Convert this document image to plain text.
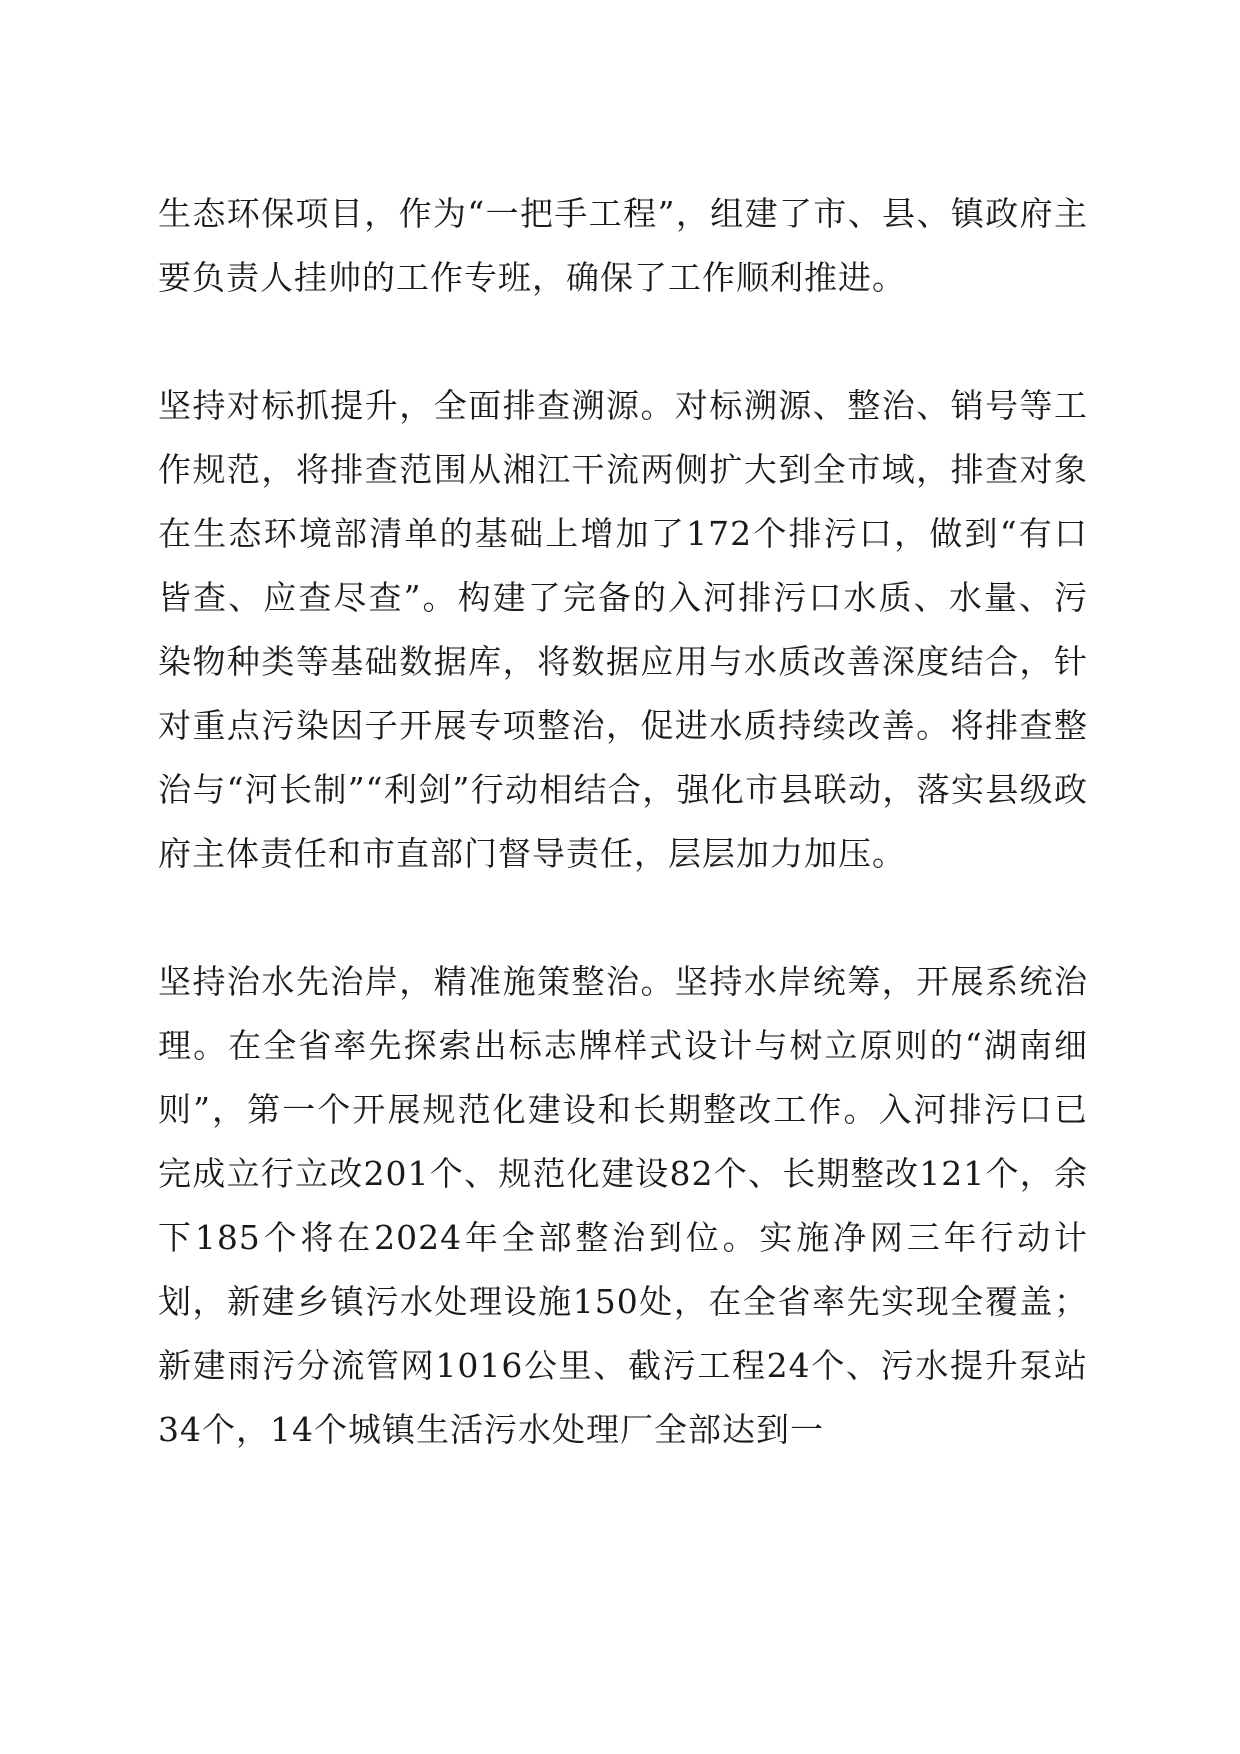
生态环保项目，作为“一把手工程”，组建了市、县、镇政府主要负责人挂帅的工作专班，确保了工作顺利推进。

坚持对标抓提升，全面排查溯源。对标溯源、整治、销号等工作规范，将排查范围从湘江干流两侧扩大到全市域，排查对象在生态环境部清单的基础上增加了172个排污口，做到“有口皆查、应查尽查”。构建了完备的入河排污口水质、水量、污染物种类等基础数据库，将数据应用与水质改善深度结合，针对重点污染因子开展专项整治，促进水质持续改善。将排查整治与“河长制”“利剑”行动相结合，强化市县联动，落实县级政府主体责任和市直部门督导责任，层层加力加压。

坚持治水先治岸，精准施策整治。坚持水岸统筹，开展系统治理。在全省率先探索出标志牌样式设计与树立原则的“湖南细则”，第一个开展规范化建设和长期整改工作。入河排污口已完成立行立改201个、规范化建设82个、长期整改121个，余下185个将在2024年全部整治到位。实施净网三年行动计划，新建乡镇污水处理设施150处，在全省率先实现全覆盖；新建雨污分流管网1016公里、截污工程24个、污水提升泵站34个，14个城镇生活污水处理厂全部达到一
